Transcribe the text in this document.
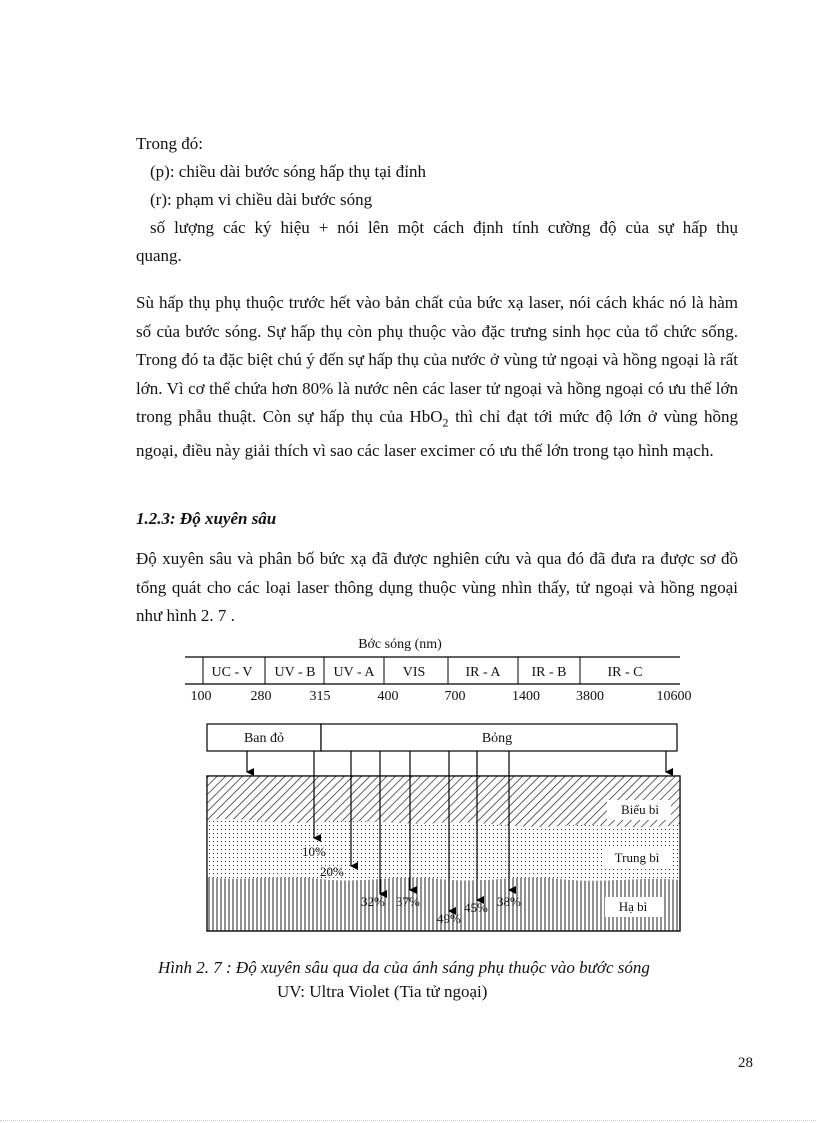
Trong đó:
(p): chiều dài bước sóng hấp thụ tại đỉnh
(r): phạm vi chiều dài bước sóng
số lượng các ký hiệu + nói lên một cách định tính cường độ của sự hấp thụ
quang.
Sù hấp thụ phụ thuộc trước hết vào bản chất của bức xạ laser, nói cách khác nó là hàm số của bước sóng. Sự hấp thụ còn phụ thuộc vào đặc trưng sinh học của tổ chức sống. Trong đó ta đặc biệt chú ý đến sự hấp thụ của nước ở vùng tử ngoại và hồng ngoại là rất lớn. Vì cơ thể chứa hơn 80% là nước nên các laser tử ngoại và hồng ngoại có ưu thế lớn trong phẫu thuật. Còn sự hấp thụ của HbO$_2$ thì chỉ đạt tới mức độ lớn ở vùng hồng ngoại, điều này giải thích vì sao các laser excimer có ưu thế lớn trong tạo hình mạch.
1.2.3: Độ xuyên sâu
Độ xuyên sâu và phân bố bức xạ đã được nghiên cứu và qua đó đã đưa ra được sơ đồ tổng quát cho các loại laser thông dụng thuộc vùng nhìn thấy, tử ngoại và hồng ngoại như hình 2. 7 .
Bớc sóng (nm)
UC - V UV - B UV - A VIS	IR - A IR - B	IR - C
100	280	315	400	700	1400	3800	10600
Ban đỏ	Bỏng
Biểu bì
Trung bì
Hạ bì
10%
20%
32% 37%
49%
45% 38%
Hình 2. 7 : Độ xuyên sâu qua da của ánh sáng phụ thuộc vào bước sóng
UV: Ultra Violet (Tia tử ngoại)
28
